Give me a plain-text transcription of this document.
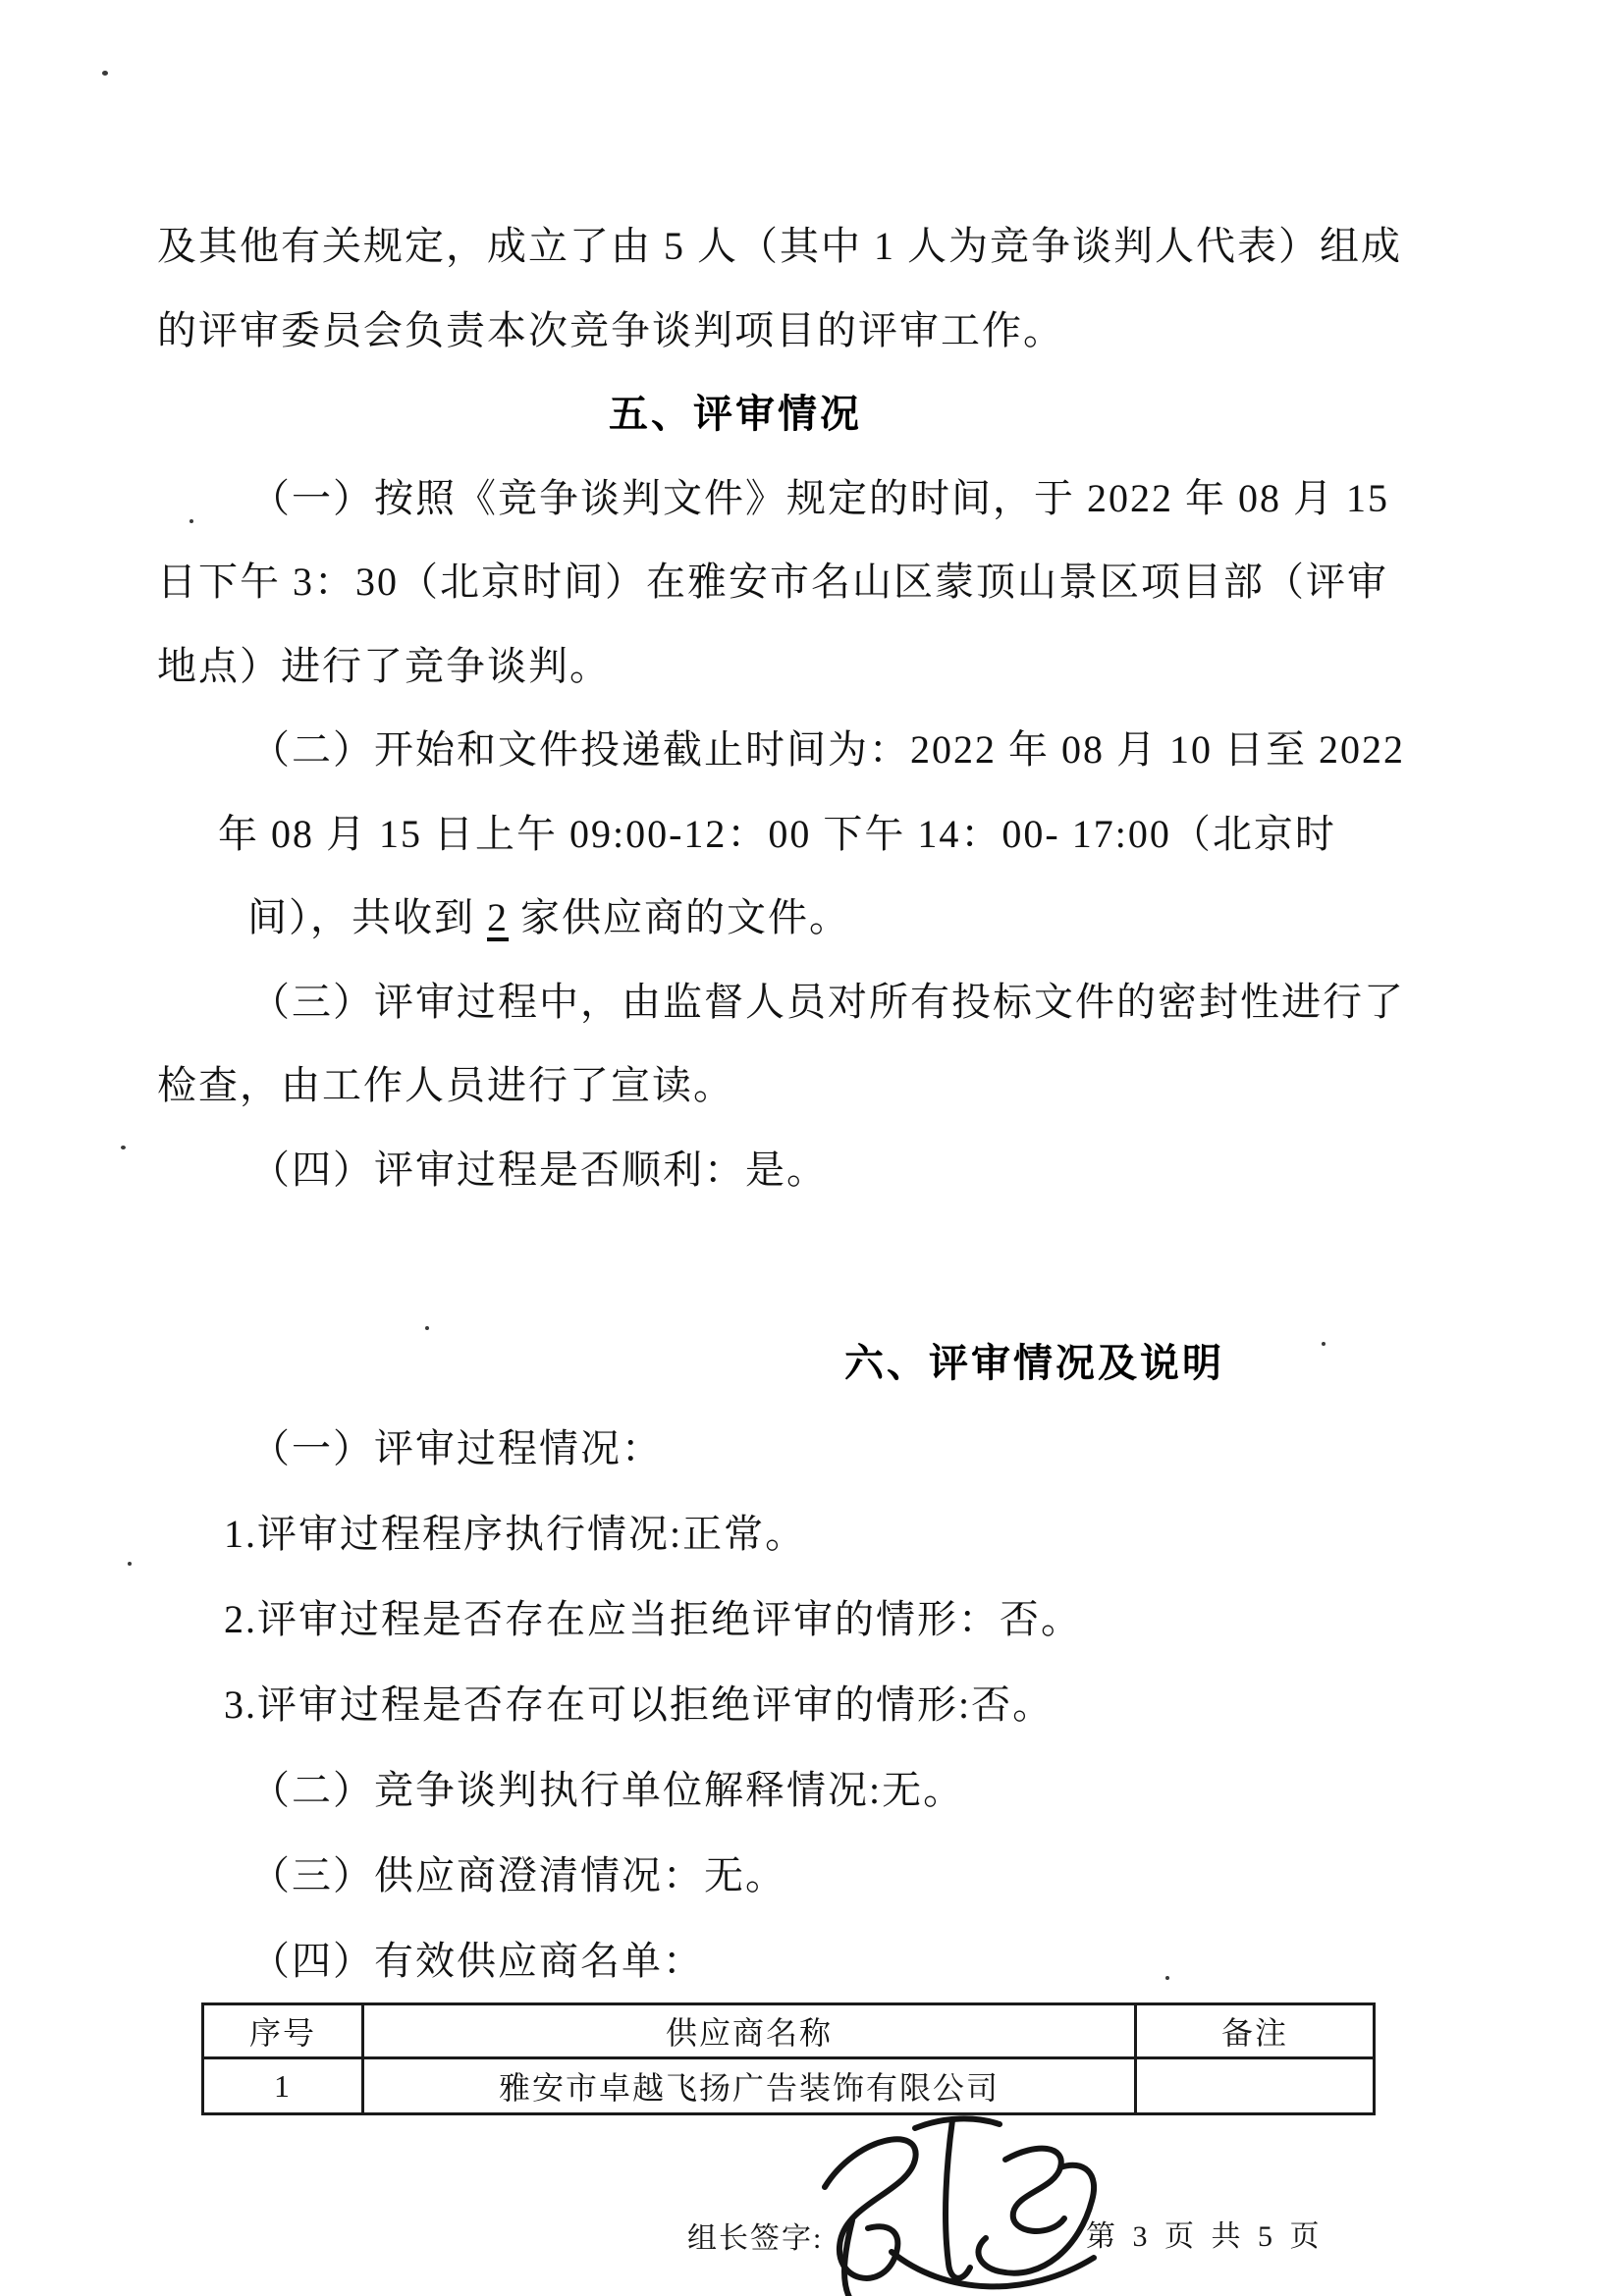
及其他有关规定，成立了由 5 人（其中 1 人为竞争谈判人代表）组成
的评审委员会负责本次竞争谈判项目的评审工作。
五、评审情况
（一）按照《竞争谈判文件》规定的时间，于 2022 年 08 月 15
日下午 3：30（北京时间）在雅安市名山区蒙顶山景区项目部（评审
地点）进行了竞争谈判。
（二）开始和文件投递截止时间为：2022 年 08 月 10 日至 2022
年 08 月 15 日上午 09:00-12：00 下午 14：00- 17:00（北京时
间），共收到 2 家供应商的文件。
（三）评审过程中，由监督人员对所有投标文件的密封性进行了
检查，由工作人员进行了宣读。
（四）评审过程是否顺利：是。
六、评审情况及说明
（一）评审过程情况：
1.评审过程程序执行情况:正常。
2.评审过程是否存在应当拒绝评审的情形：否。
3.评审过程是否存在可以拒绝评审的情形:否。
（二）竞争谈判执行单位解释情况:无。
（三）供应商澄清情况：无。
（四）有效供应商名单：
序号	供应商名称	备注
1	雅安市卓越飞扬广告装饰有限公司	
组长签字:	第 3 页 共 5 页
